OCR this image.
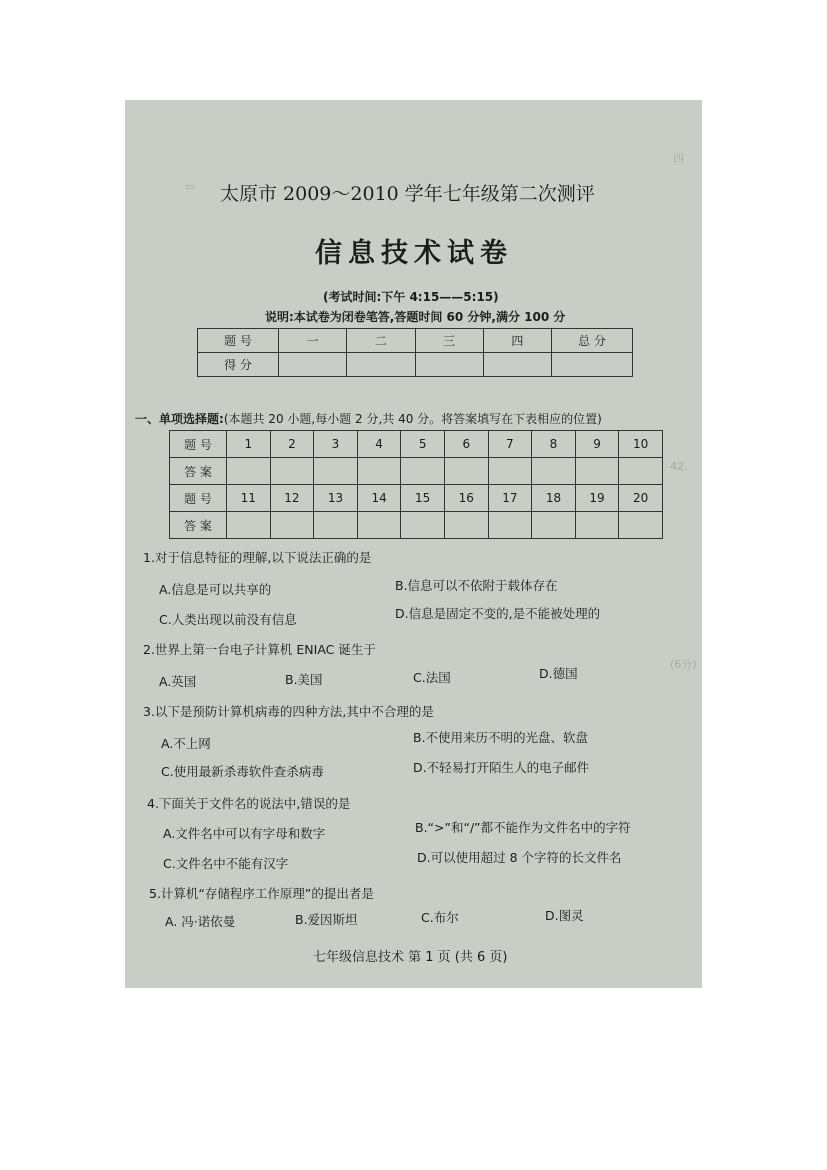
四
▭
42.
(6分)
太原市 2009～2010 学年七年级第二次测评
信息技术试卷
(考试时间:下午 4:15——5:15)
说明:本试卷为闭卷笔答,答题时间 60 分钟,满分 100 分
题 号	一	二	三	四	总 分
得 分					
一、单项选择题:(本题共 20 小题,每小题 2 分,共 40 分。将答案填写在下表相应的位置)
题 号	1	2	3	4	5	6	7	8	9	10
答 案										
题 号	11	12	13	14	15	16	17	18	19	20
答 案										
1.对于信息特征的理解,以下说法正确的是
A.信息是可以共享的	B.信息可以不依附于载体存在
C.人类出现以前没有信息	D.信息是固定不变的,是不能被处理的
2.世界上第一台电子计算机 ENIAC 诞生于
A.英国	B.美国	C.法国	D.德国
3.以下是预防计算机病毒的四种方法,其中不合理的是
A.不上网	B.不使用来历不明的光盘、软盘
C.使用最新杀毒软件查杀病毒	D.不轻易打开陌生人的电子邮件
4.下面关于文件名的说法中,错误的是
A.文件名中可以有字母和数字	B.“>”和“/”都不能作为文件名中的字符
C.文件名中不能有汉字	D.可以使用超过 8 个字符的长文件名
5.计算机“存储程序工作原理”的提出者是
A. 冯·诺依曼	B.爱因斯坦	C.布尔	D.图灵
七年级信息技术 第 1 页 (共 6 页)
